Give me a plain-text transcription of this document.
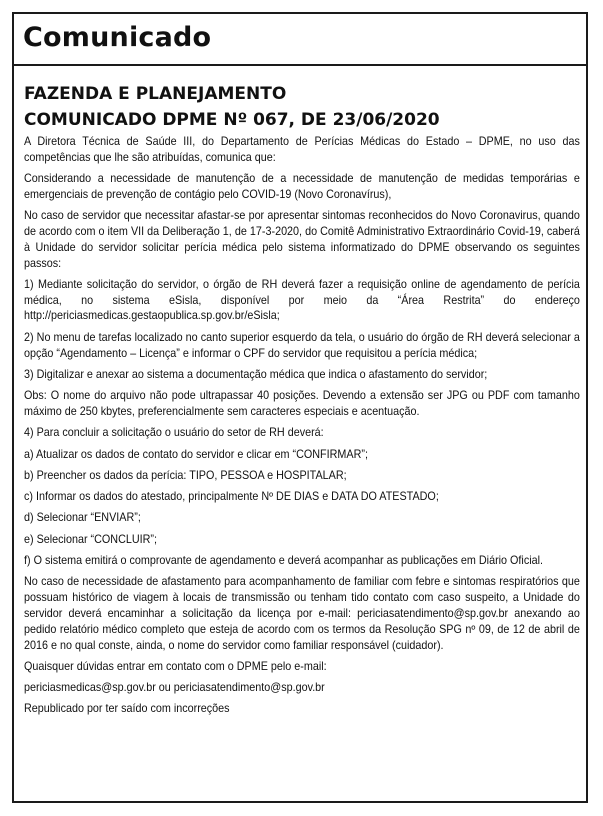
Comunicado
FAZENDA E PLANEJAMENTO
COMUNICADO DPME Nº 067, DE 23/06/2020

A Diretora Técnica de Saúde III, do Departamento de Perícias Médicas do Estado – DPME, no uso das competências que lhe são atribuídas, comunica que:

Considerando a necessidade de manutenção de a necessidade de manutenção de medidas temporárias e emergenciais de prevenção de contágio pelo COVID-19 (Novo Coronavírus),

No caso de servidor que necessitar afastar-se por apresentar sintomas reconhecidos do Novo Coronavirus, quando de acordo com o item VII da Deliberação 1, de 17-3-2020, do Comitê Administrativo Extraordinário Covid-19, caberá à Unidade do servidor solicitar perícia médica pelo sistema informatizado do DPME observando os seguintes passos:

1) Mediante solicitação do servidor, o órgão de RH deverá fazer a requisição online de agendamento de perícia médica, no sistema eSisla, disponível por meio da “Área Restrita” do endereço http://periciasmedicas.gestaopublica.sp.gov.br/eSisla;

2) No menu de tarefas localizado no canto superior esquerdo da tela, o usuário do órgão de RH deverá selecionar a opção “Agendamento – Licença” e informar o CPF do servidor que requisitou a perícia médica;

3) Digitalizar e anexar ao sistema a documentação médica que indica o afastamento do servidor;

Obs: O nome do arquivo não pode ultrapassar 40 posições. Devendo a extensão ser JPG ou PDF com tamanho máximo de 250 kbytes, preferencialmente sem caracteres especiais e acentuação.

4) Para concluir a solicitação o usuário do setor de RH deverá:

a) Atualizar os dados de contato do servidor e clicar em “CONFIRMAR”;

b) Preencher os dados da perícia: TIPO, PESSOA e HOSPITALAR;

c) Informar os dados do atestado, principalmente Nº DE DIAS e DATA DO ATESTADO;

d) Selecionar “ENVIAR”;

e) Selecionar “CONCLUIR”;

f) O sistema emitirá o comprovante de agendamento e deverá acompanhar as publicações em Diário Oficial.

No caso de necessidade de afastamento para acompanhamento de familiar com febre e sintomas respiratórios que possuam histórico de viagem à locais de transmissão ou tenham tido contato com caso suspeito, a Unidade do servidor deverá encaminhar a solicitação da licença por e-mail: periciasatendimento@sp.gov.br anexando ao pedido relatório médico completo que esteja de acordo com os termos da Resolução SPG nº 09, de 12 de abril de 2016 e no qual conste, ainda, o nome do servidor como familiar responsável (cuidador).

Quaisquer dúvidas entrar em contato com o DPME pelo e-mail:

periciasmedicas@sp.gov.br ou periciasatendimento@sp.gov.br

Republicado por ter saído com incorreções
